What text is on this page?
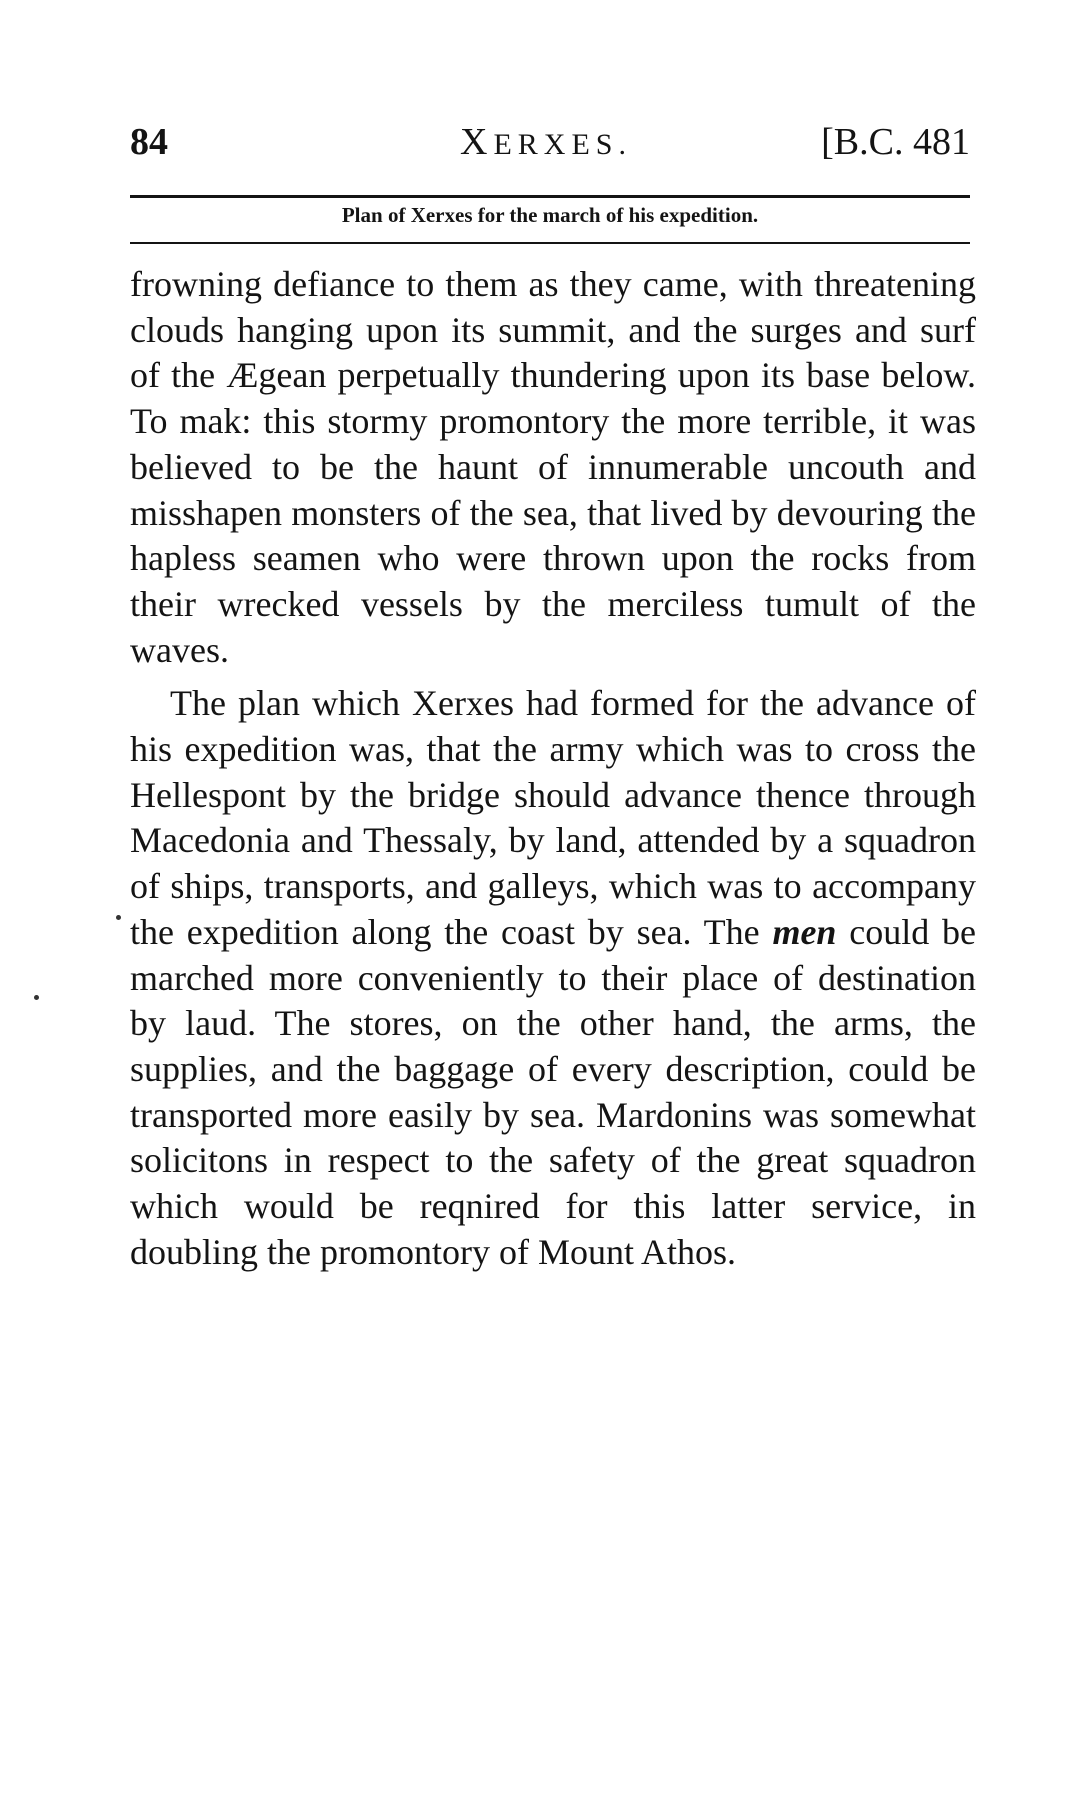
84	XERXES.	[B.C. 481
Plan of Xerxes for the march of his expedition.

frowning defiance to them as they came, with threatening clouds hanging upon its summit, and the surges and surf of the Ægean perpetually thundering upon its base below. To mak: this stormy promontory the more terrible, it was believed to be the haunt of innumerable uncouth and misshapen monsters of the sea, that lived by devouring the hapless seamen who were thrown upon the rocks from their wrecked vessels by the merciless tumult of the waves.

The plan which Xerxes had formed for the advance of his expedition was, that the army which was to cross the Hellespont by the bridge should advance thence through Macedonia and Thessaly, by land, attended by a squadron of ships, transports, and galleys, which was to accompany the expedition along the coast by sea. The men could be marched more conveniently to their place of destination by laud. The stores, on the other hand, the arms, the supplies, and the baggage of every description, could be transported more easily by sea. Mardonins was somewhat solicitons in respect to the safety of the great squadron which would be reqnired for this latter service, in doubling the promontory of Mount Athos.
